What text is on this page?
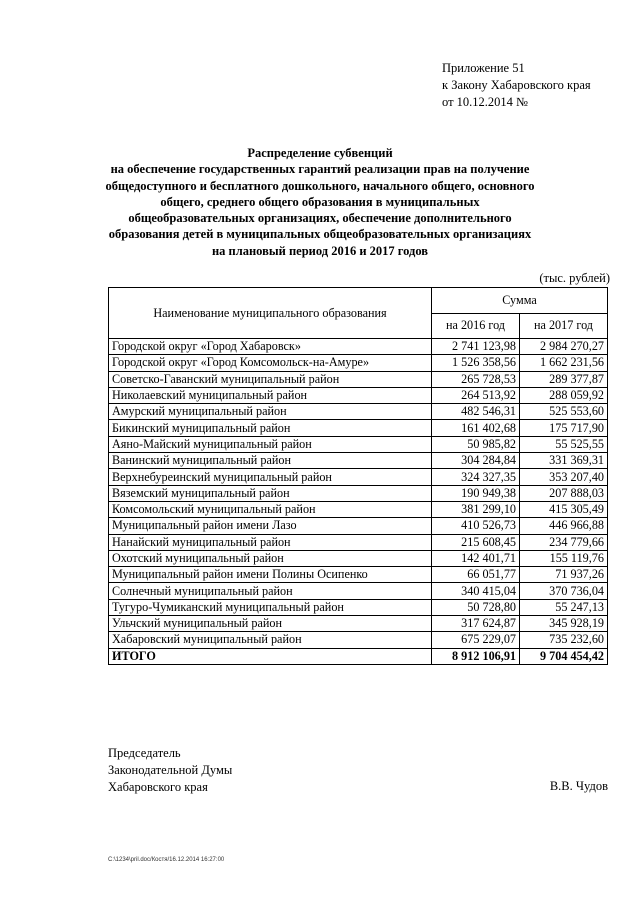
Приложение 51
к Закону Хабаровского края
от 10.12.2014 №
Распределение субвенций
на обеспечение государственных гарантий реализации прав на получение
общедоступного и бесплатного дошкольного, начального общего, основного
общего, среднего общего образования в муниципальных
общеобразовательных организациях, обеспечение дополнительного
образования детей в муниципальных общеобразовательных организациях
на плановый период 2016 и 2017 годов
(тыс. рублей)
Наименование муниципального образования	Сумма	
	на 2016 год	на 2017 год
Городской округ «Город Хабаровск»	2 741 123,98	2 984 270,27
Городской округ «Город Комсомольск-на-Амуре»	1 526 358,56	1 662 231,56
Советско-Гаванский муниципальный район	265 728,53	289 377,87
Николаевский муниципальный район	264 513,92	288 059,92
Амурский муниципальный район	482 546,31	525 553,60
Бикинский муниципальный район	161 402,68	175 717,90
Аяно-Майский муниципальный район	50 985,82	55 525,55
Ванинский муниципальный район	304 284,84	331 369,31
Верхнебуреинский муниципальный район	324 327,35	353 207,40
Вяземский муниципальный район	190 949,38	207 888,03
Комсомольский муниципальный район	381 299,10	415 305,49
Муниципальный район имени Лазо	410 526,73	446 966,88
Нанайский муниципальный район	215 608,45	234 779,66
Охотский муниципальный район	142 401,71	155 119,76
Муниципальный район имени Полины Осипенко	66 051,77	71 937,26
Солнечный муниципальный район	340 415,04	370 736,04
Тугуро-Чумиканский муниципальный район	50 728,80	55 247,13
Ульчский муниципальный район	317 624,87	345 928,19
Хабаровский муниципальный район	675 229,07	735 232,60
ИТОГО	8 912 106,91	9 704 454,42
Председатель
Законодательной Думы
Хабаровского края	В.В. Чудов
C:\1234\pril.doc/Костя/16.12.2014 16:27:00
